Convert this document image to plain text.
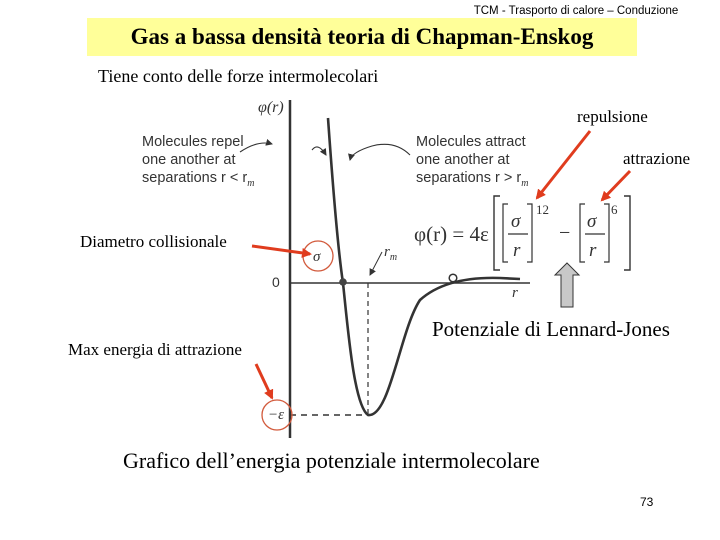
TCM - Trasporto di calore – Conduzione
Gas a bassa densità teoria di Chapman-Enskog
Tiene conto delle forze intermolecolari
Molecules repel
one another at
separations $r < r_m$
Molecules attract
one another at
separations $r > r_m$
φ(r)
r
0
σ	$r_m$
−ε
φ(r) = 4ε
σ
r
12
−
σ
r
6
repulsione
attrazione
Diametro collisionale
Max energia di attrazione
Potenziale di Lennard-Jones
Grafico dell’energia potenziale intermolecolare
73
